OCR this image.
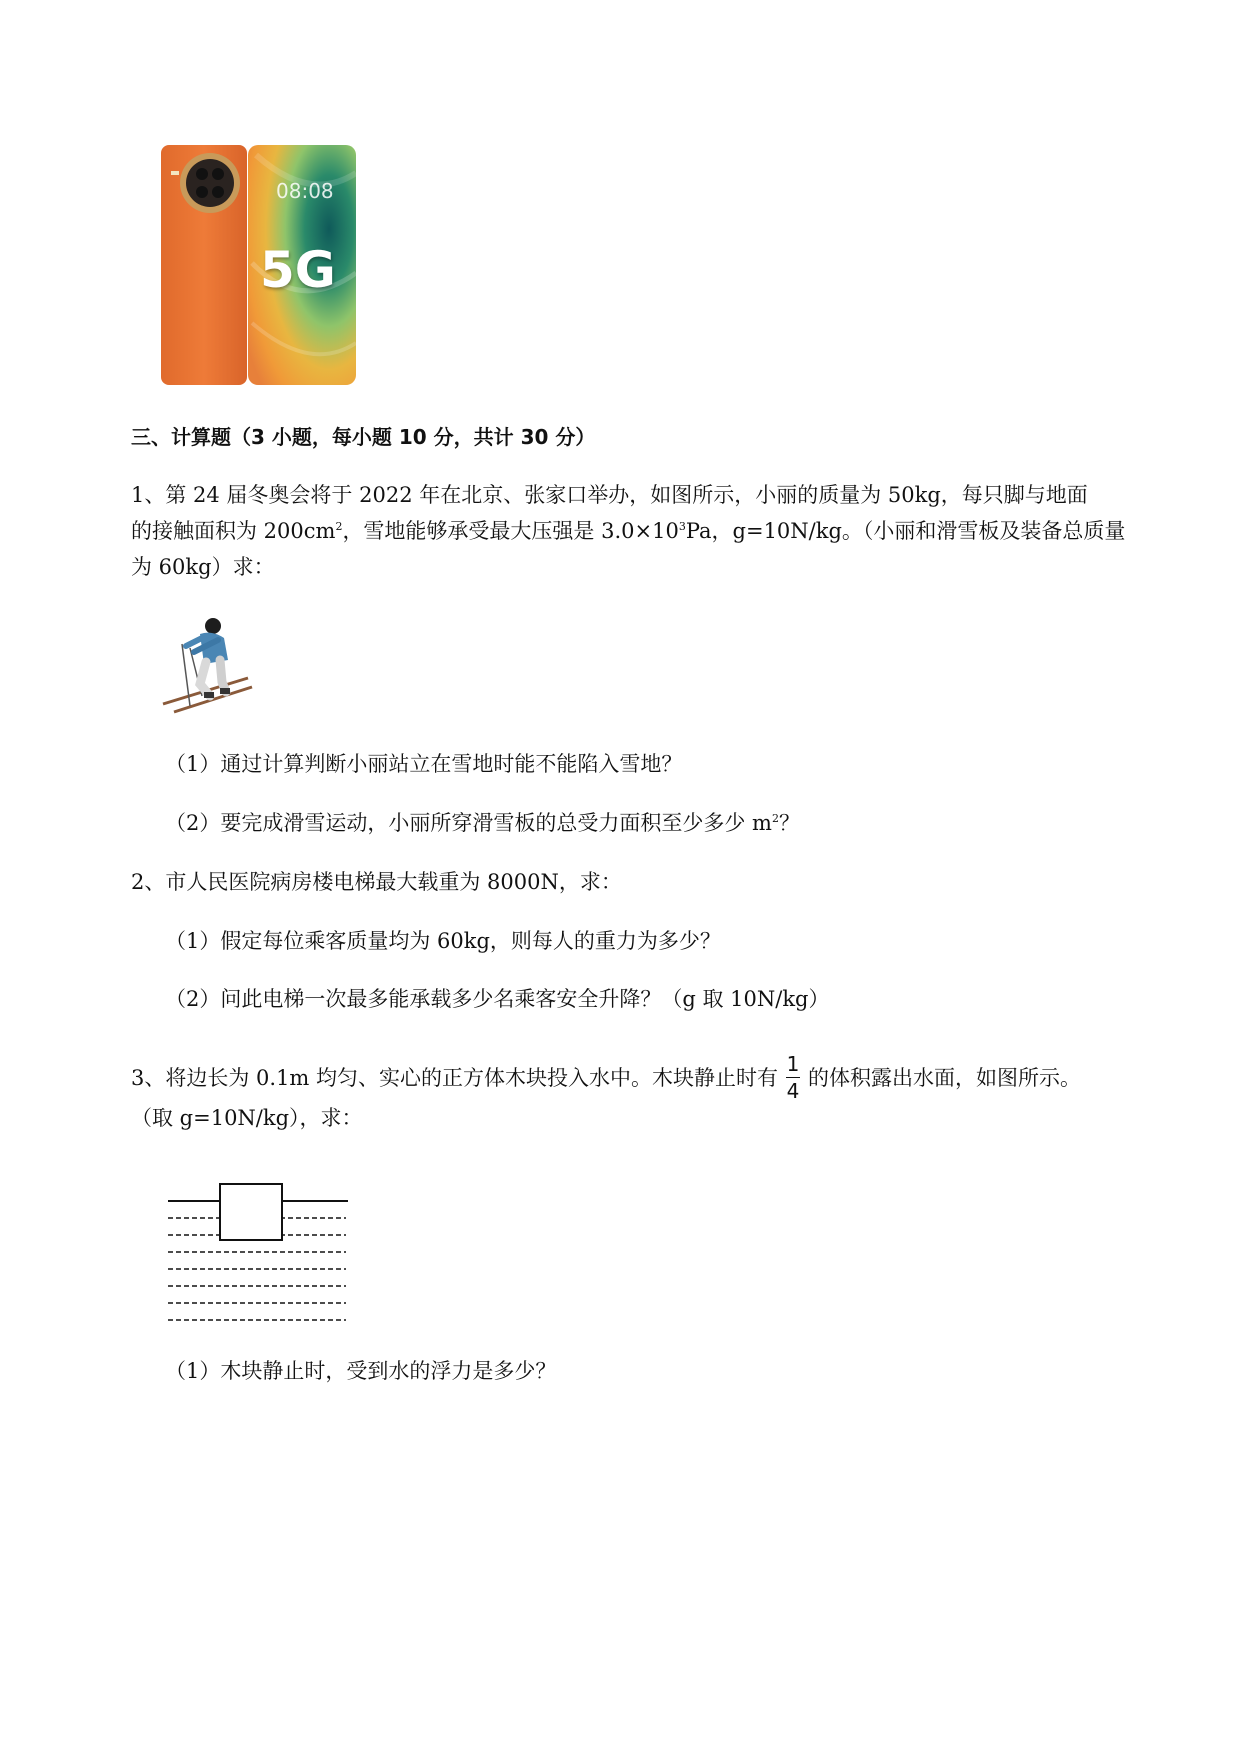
08:08
5G
三、计算题（3 小题，每小题 10 分，共计 30 分）
1、第 24 届冬奥会将于 2022 年在北京、张家口举办，如图所示，小丽的质量为 50kg，每只脚与地面
的接触面积为 $200cm^2$，雪地能够承受最大压强是 $3.0\times 10^3Pa$，g=10N/kg。（小丽和滑雪板及装备总质量
为 60kg）求：
（1）通过计算判断小丽站立在雪地时能不能陷入雪地？
（2）要完成滑雪运动，小丽所穿滑雪板的总受力面积至少多少 $m^2$？
2、市人民医院病房楼电梯最大载重为 8000N，求：
（1）假定每位乘客质量均为 60kg，则每人的重力为多少？
（2）问此电梯一次最多能承载多少名乘客安全升降？（g 取 10N/kg）
3、将边长为 0.1m 均匀、实心的正方体木块投入水中。木块静止时有 $\frac{1}{4}$ 的体积露出水面，如图所示。
（取 g=10N/kg），求：
（1）木块静止时，受到水的浮力是多少？
